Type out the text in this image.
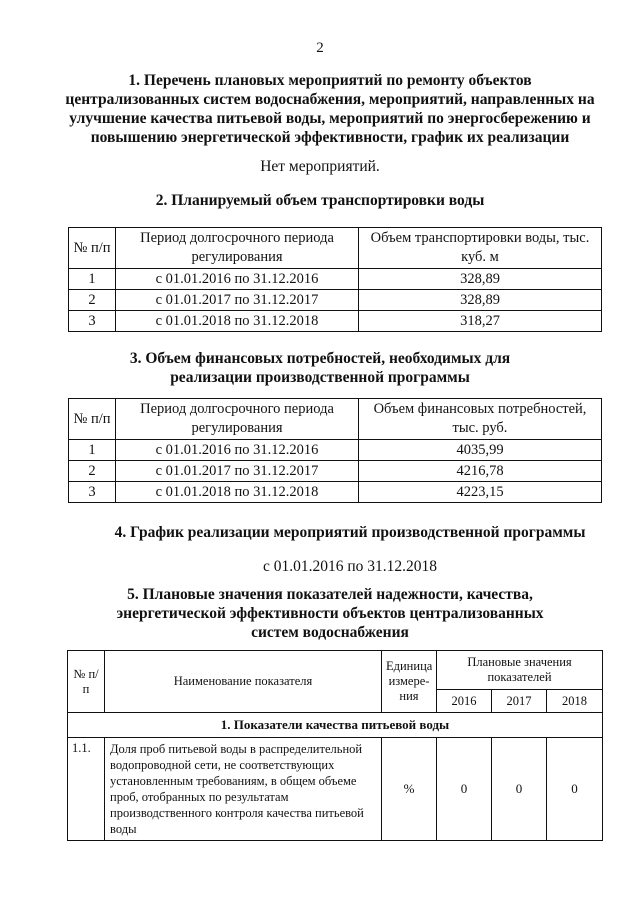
2
1. Перечень плановых мероприятий по ремонту объектов централизованных систем водоснабжения, мероприятий, направленных на улучшение качества питьевой воды, мероприятий по энергосбережению и повышению энергетической эффективности, график их реализации
Нет мероприятий.
2. Планируемый объем транспортировки воды
№ п/п	Период долгосрочного периода регулирования	Объем транспортировки воды, тыс. куб. м
1	с 01.01.2016 по 31.12.2016	328,89
2	с 01.01.2017 по 31.12.2017	328,89
3	с 01.01.2018 по 31.12.2018	318,27
3. Объем финансовых потребностей, необходимых для реализации производственной программы
№ п/п	Период долгосрочного периода регулирования	Объем финансовых потребностей, тыс. руб.
1	с 01.01.2016 по 31.12.2016	4035,99
2	с 01.01.2017 по 31.12.2017	4216,78
3	с 01.01.2018 по 31.12.2018	4223,15
4. График реализации мероприятий производственной программы
с 01.01.2016 по 31.12.2018
5. Плановые значения показателей надежности, качества, энергетической эффективности объектов централизованных систем водоснабжения
№ п/п	Наименование показателя	Единица измере-ния	Плановые значения показателей		
			2016	2017	2018
1. Показатели качества питьевой воды					
1.1.	Доля проб питьевой воды в распределительной водопроводной сети, не соответствующих установленным требованиям, в общем объеме проб, отобранных по результатам производственного контроля качества питьевой воды	%	0	0	0
